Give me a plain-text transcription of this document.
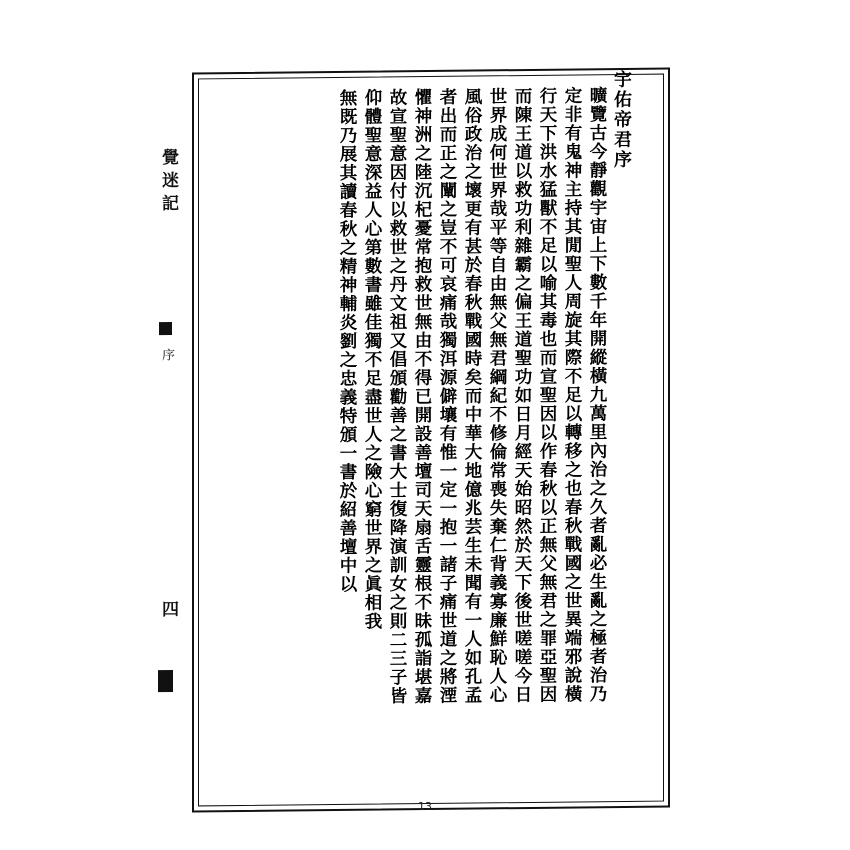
覺迷記
序
四
宇佑帝君序
曠覽古今靜觀宇宙上下數千年開縱橫九萬里內治之久者亂必生亂之極者治乃
定非有鬼神主持其閒聖人周旋其際不足以轉移之也春秋戰國之世異端邪說橫
行天下洪水猛獸不足以喻其毒也而宣聖因以作春秋以正無父無君之罪亞聖因
而陳王道以救功利雜霸之偏王道聖功如日月經天始昭然於天下後世嗟嗟今日
世界成何世界哉平等自由無父無君綱紀不修倫常喪失棄仁背義寡廉鮮恥人心
風俗政治之壞更有甚於春秋戰國時矣而中華大地億兆芸生未聞有一人如孔孟
者出而正之闡之豈不可哀痛哉獨洱源僻壤有惟一定一抱一諸子痛世道之將湮
懼神洲之陸沉杞憂常抱救世無由不得已開設善壇司天扇舌靈根不昧孤詣堪嘉
故宣聖意因付以救世之丹文祖又倡頒勸善之書大士復降演訓女之則二三子皆
仰體聖意深益人心第數書雖佳獨不足盡世人之險心窮世界之眞相我
無既乃展其讀春秋之精神輔炎劉之忠義特頒一書於紹善壇中以
13
